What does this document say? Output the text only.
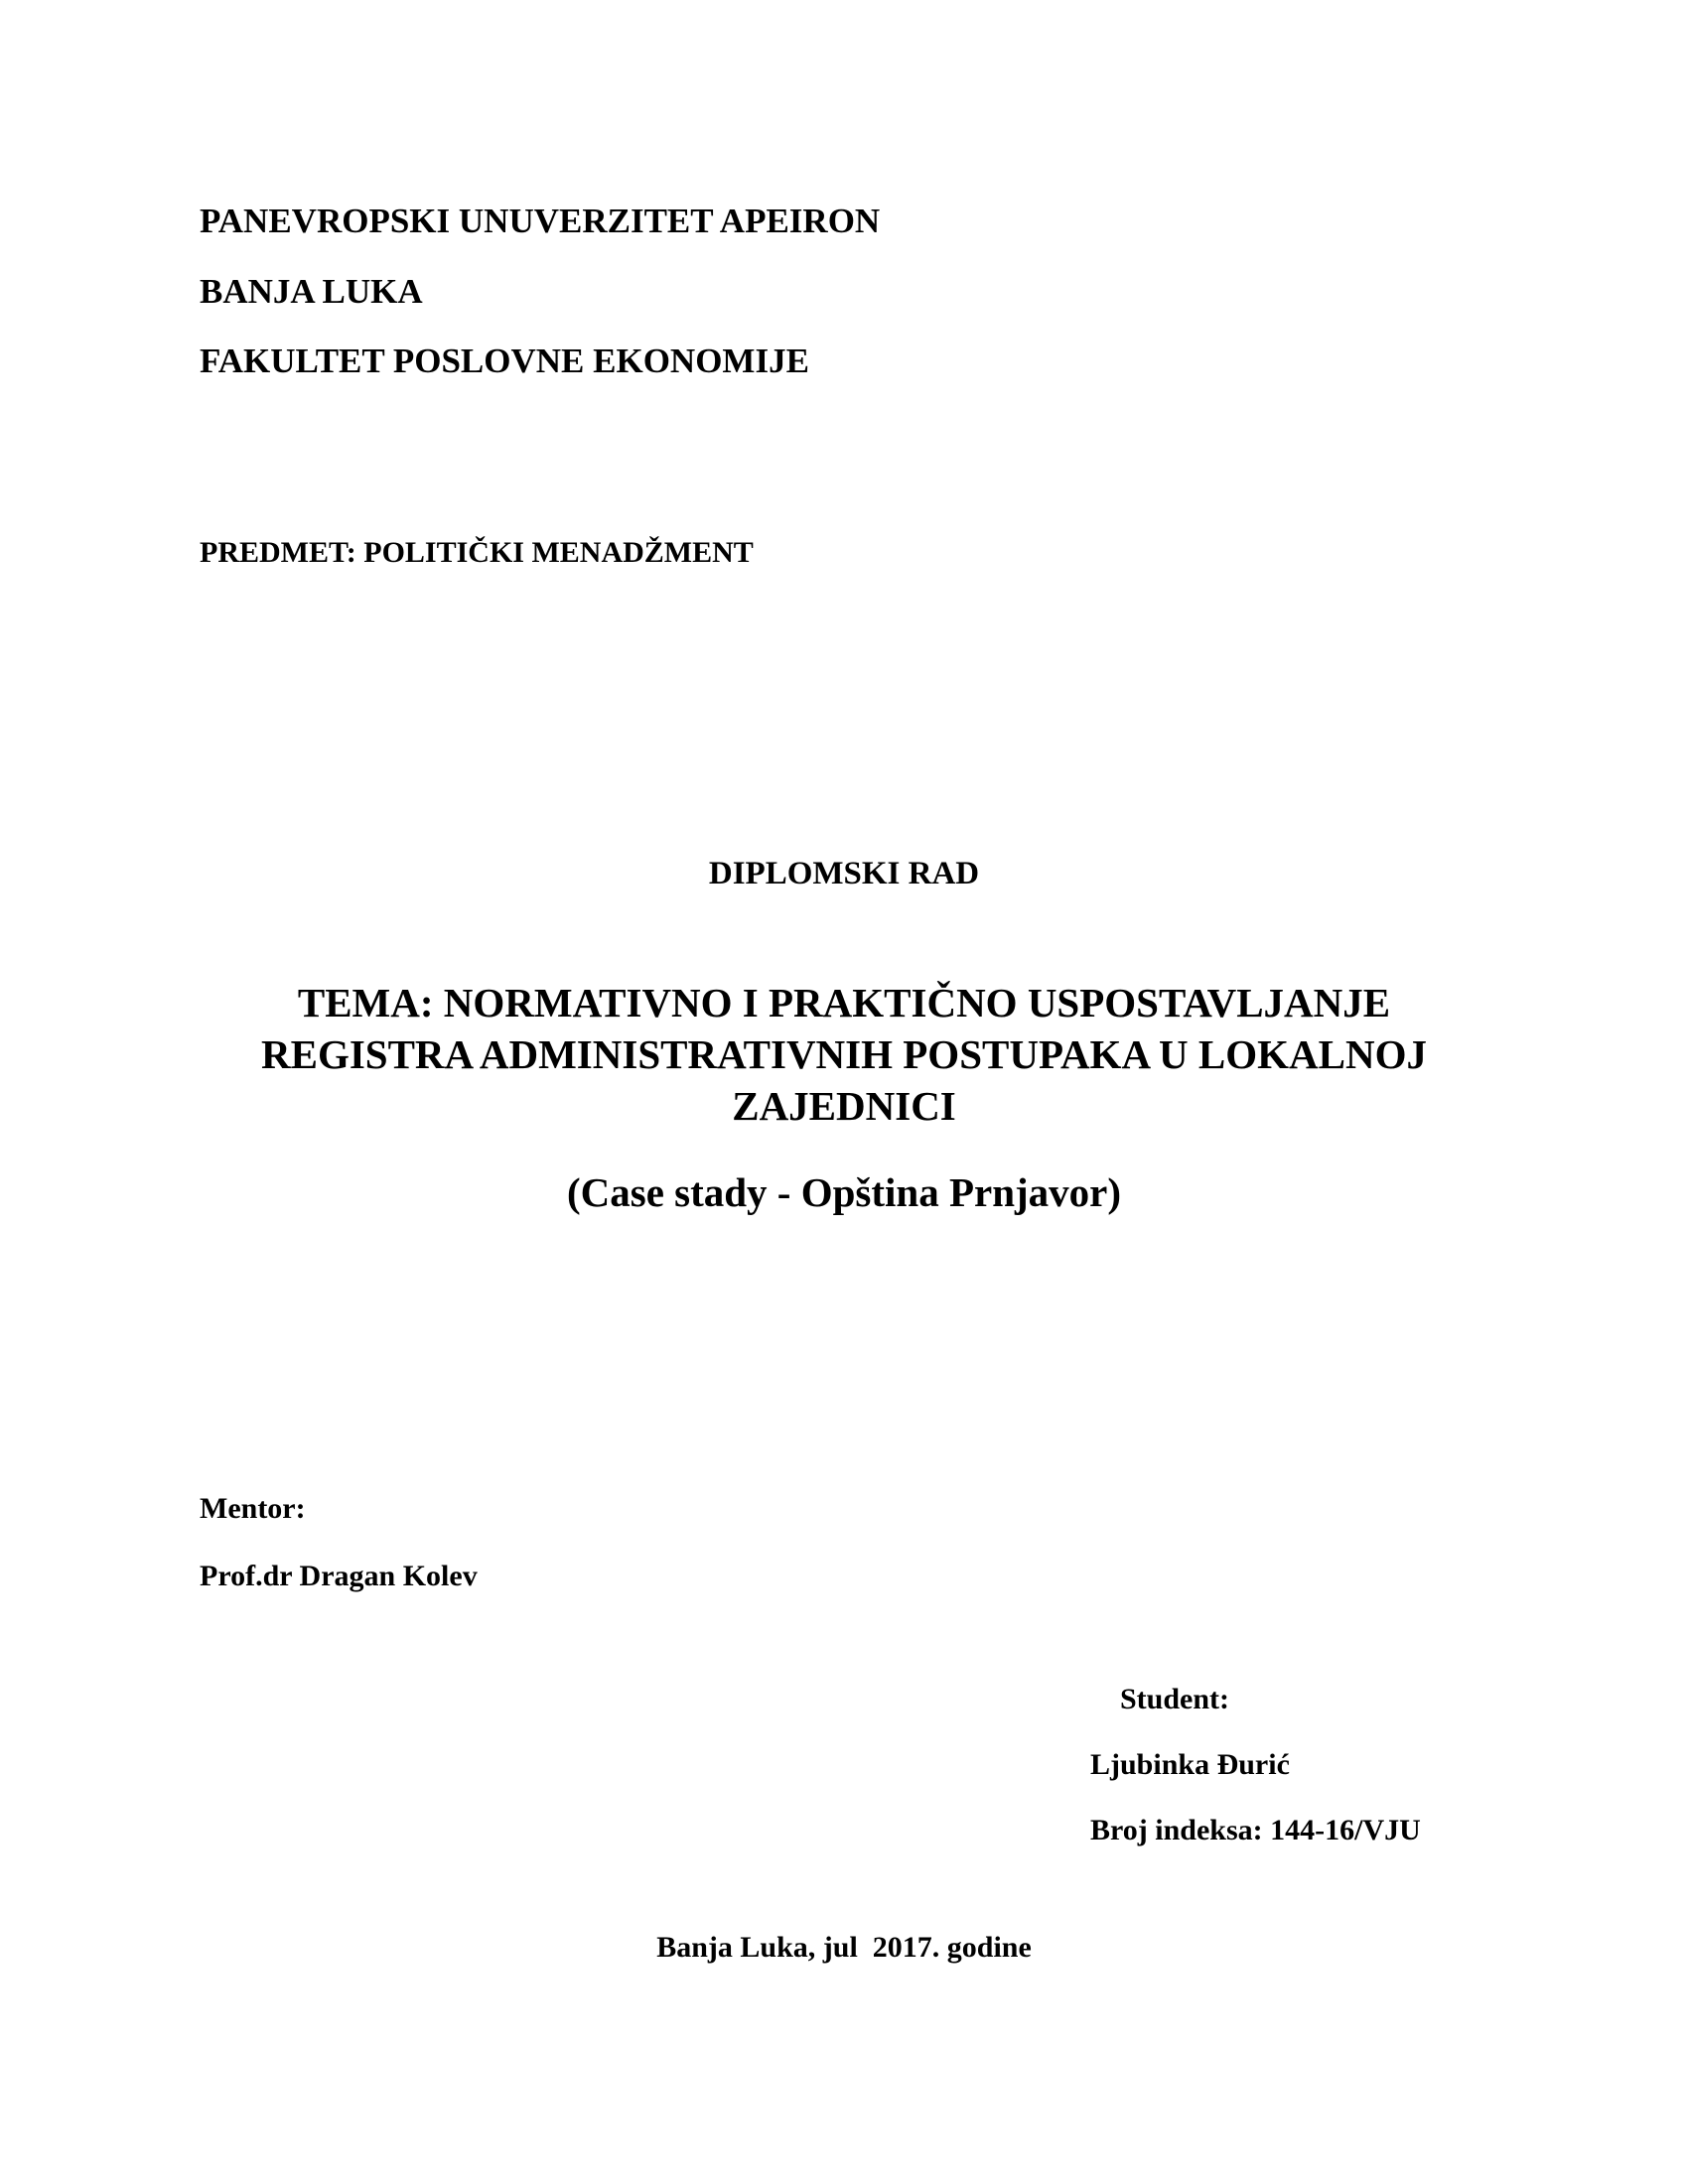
PANEVROPSKI UNUVERZITET APEIRON
BANJA LUKA
FAKULTET POSLOVNE EKONOMIJE
PREDMET: POLITIČKI MENADŽMENT
DIPLOMSKI RAD
TEMA: NORMATIVNO I PRAKTIČNO USPOSTAVLJANJE
REGISTRA ADMINISTRATIVNIH POSTUPAKA U LOKALNOJ
ZAJEDNICI
(Case stady - Opština Prnjavor)
Mentor:
Prof.dr Dragan Kolev
Student:
Ljubinka Đurić
Broj indeksa: 144-16/VJU
Banja Luka, jul  2017. godine
